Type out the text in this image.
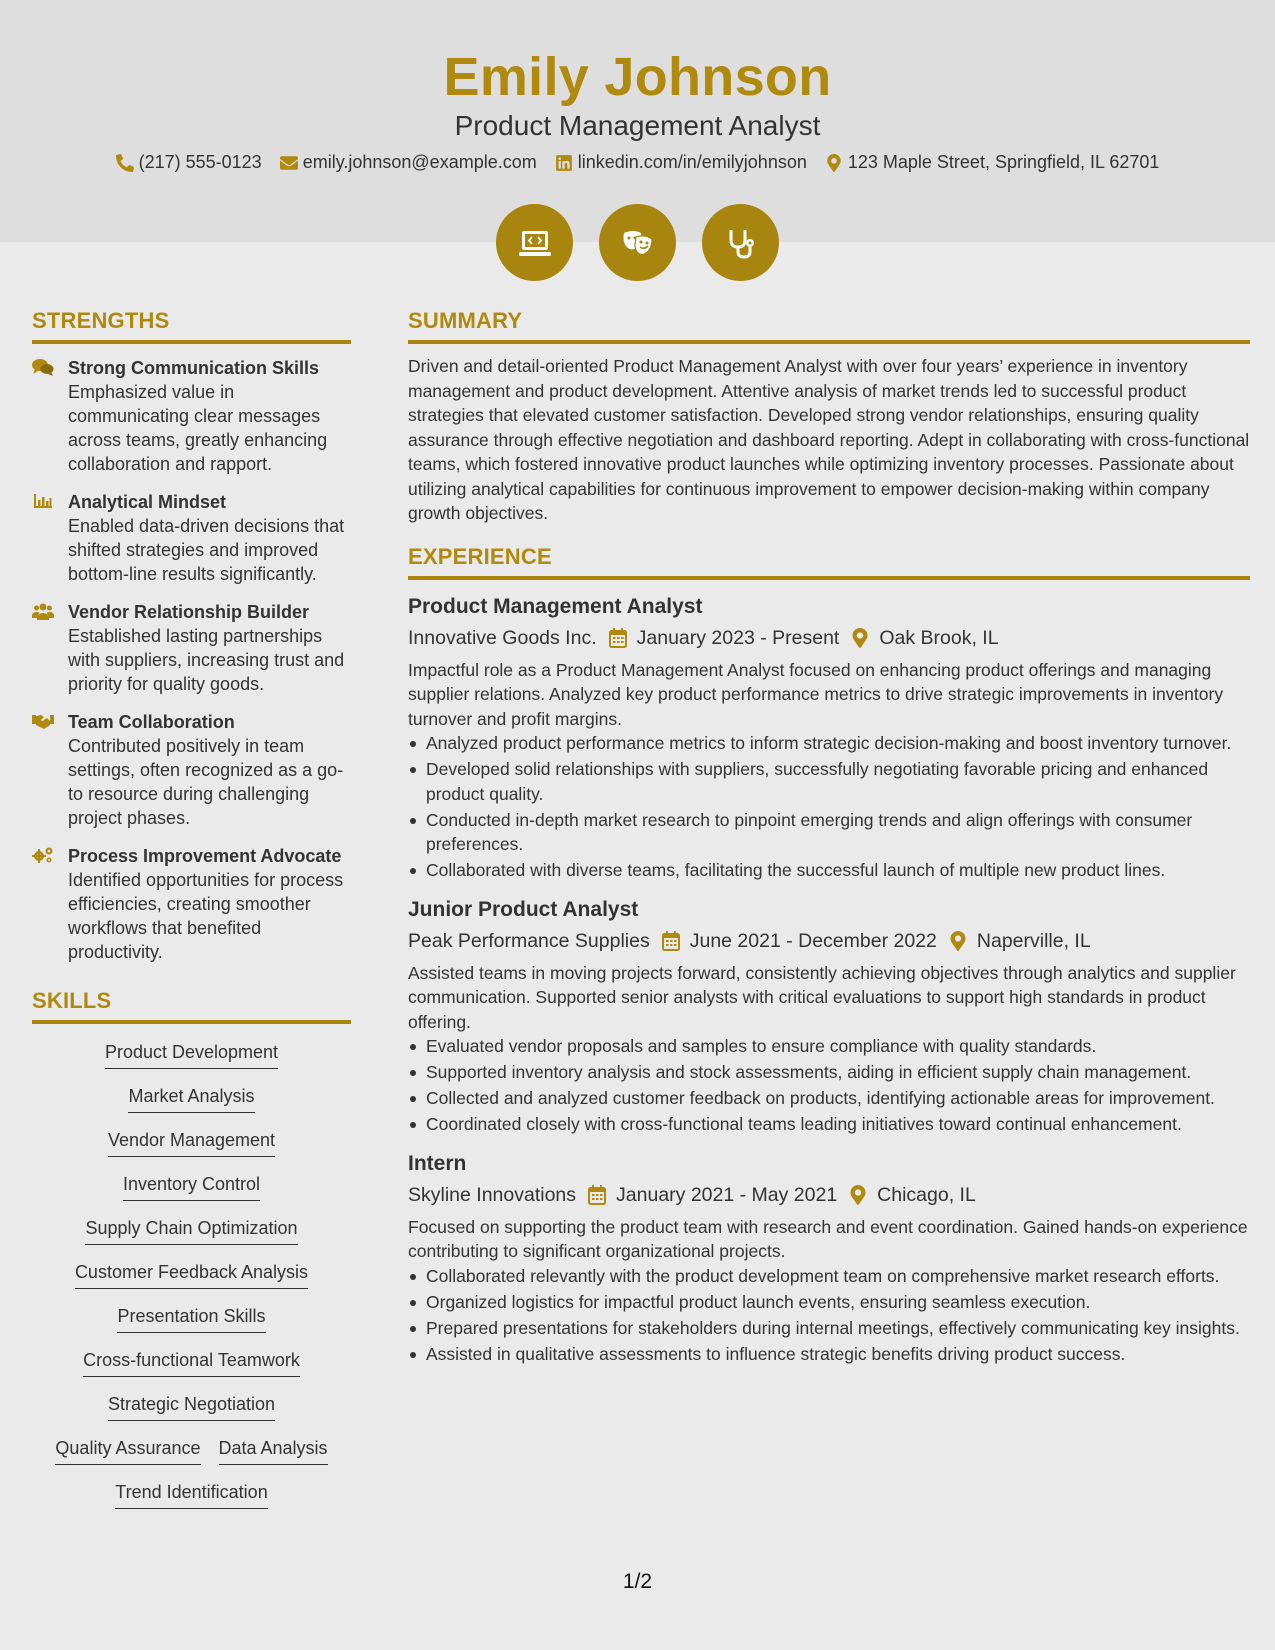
Emily Johnson
Product Management Analyst
(217) 555-0123 emily.johnson@example.com linkedin.com/in/emilyjohnson 123 Maple Street, Springfield, IL 62701
STRENGTHS
Strong Communication Skills
Emphasized value in communicating clear messages across teams, greatly enhancing collaboration and rapport.
Analytical Mindset
Enabled data-driven decisions that shifted strategies and improved bottom-line results significantly.
Vendor Relationship Builder
Established lasting partnerships with suppliers, increasing trust and priority for quality goods.
Team Collaboration
Contributed positively in team settings, often recognized as a go-to resource during challenging project phases.
Process Improvement Advocate
Identified opportunities for process efficiencies, creating smoother workflows that benefited productivity.
SKILLS
Product Development
Market Analysis
Vendor Management
Inventory Control
Supply Chain Optimization
Customer Feedback Analysis
Presentation Skills
Cross-functional Teamwork
Strategic Negotiation
Quality Assurance Data Analysis
Trend Identification
SUMMARY

Driven and detail-oriented Product Management Analyst with over four years’ experience in inventory management and product development. Attentive analysis of market trends led to successful product strategies that elevated customer satisfaction. Developed strong vendor relationships, ensuring quality assurance through effective negotiation and dashboard reporting. Adept in collaborating with cross-functional teams, which fostered innovative product launches while optimizing inventory processes. Passionate about utilizing analytical capabilities for continuous improvement to empower decision-making within company growth objectives.

EXPERIENCE
Product Management Analyst
Innovative Goods Inc. January 2023 - Present Oak Brook, IL

Impactful role as a Product Management Analyst focused on enhancing product offerings and managing supplier relations. Analyzed key product performance metrics to drive strategic improvements in inventory turnover and profit margins.

Analyzed product performance metrics to inform strategic decision-making and boost inventory turnover.
Developed solid relationships with suppliers, successfully negotiating favorable pricing and enhanced product quality.
Conducted in-depth market research to pinpoint emerging trends and align offerings with consumer preferences.
Collaborated with diverse teams, facilitating the successful launch of multiple new product lines.
Junior Product Analyst
Peak Performance Supplies June 2021 - December 2022 Naperville, IL

Assisted teams in moving projects forward, consistently achieving objectives through analytics and supplier communication. Supported senior analysts with critical evaluations to support high standards in product offering.

Evaluated vendor proposals and samples to ensure compliance with quality standards.
Supported inventory analysis and stock assessments, aiding in efficient supply chain management.
Collected and analyzed customer feedback on products, identifying actionable areas for improvement.
Coordinated closely with cross-functional teams leading initiatives toward continual enhancement.
Intern
Skyline Innovations January 2021 - May 2021 Chicago, IL

Focused on supporting the product team with research and event coordination. Gained hands-on experience contributing to significant organizational projects.

Collaborated relevantly with the product development team on comprehensive market research efforts.
Organized logistics for impactful product launch events, ensuring seamless execution.
Prepared presentations for stakeholders during internal meetings, effectively communicating key insights.
Assisted in qualitative assessments to influence strategic benefits driving product success.
1/2
